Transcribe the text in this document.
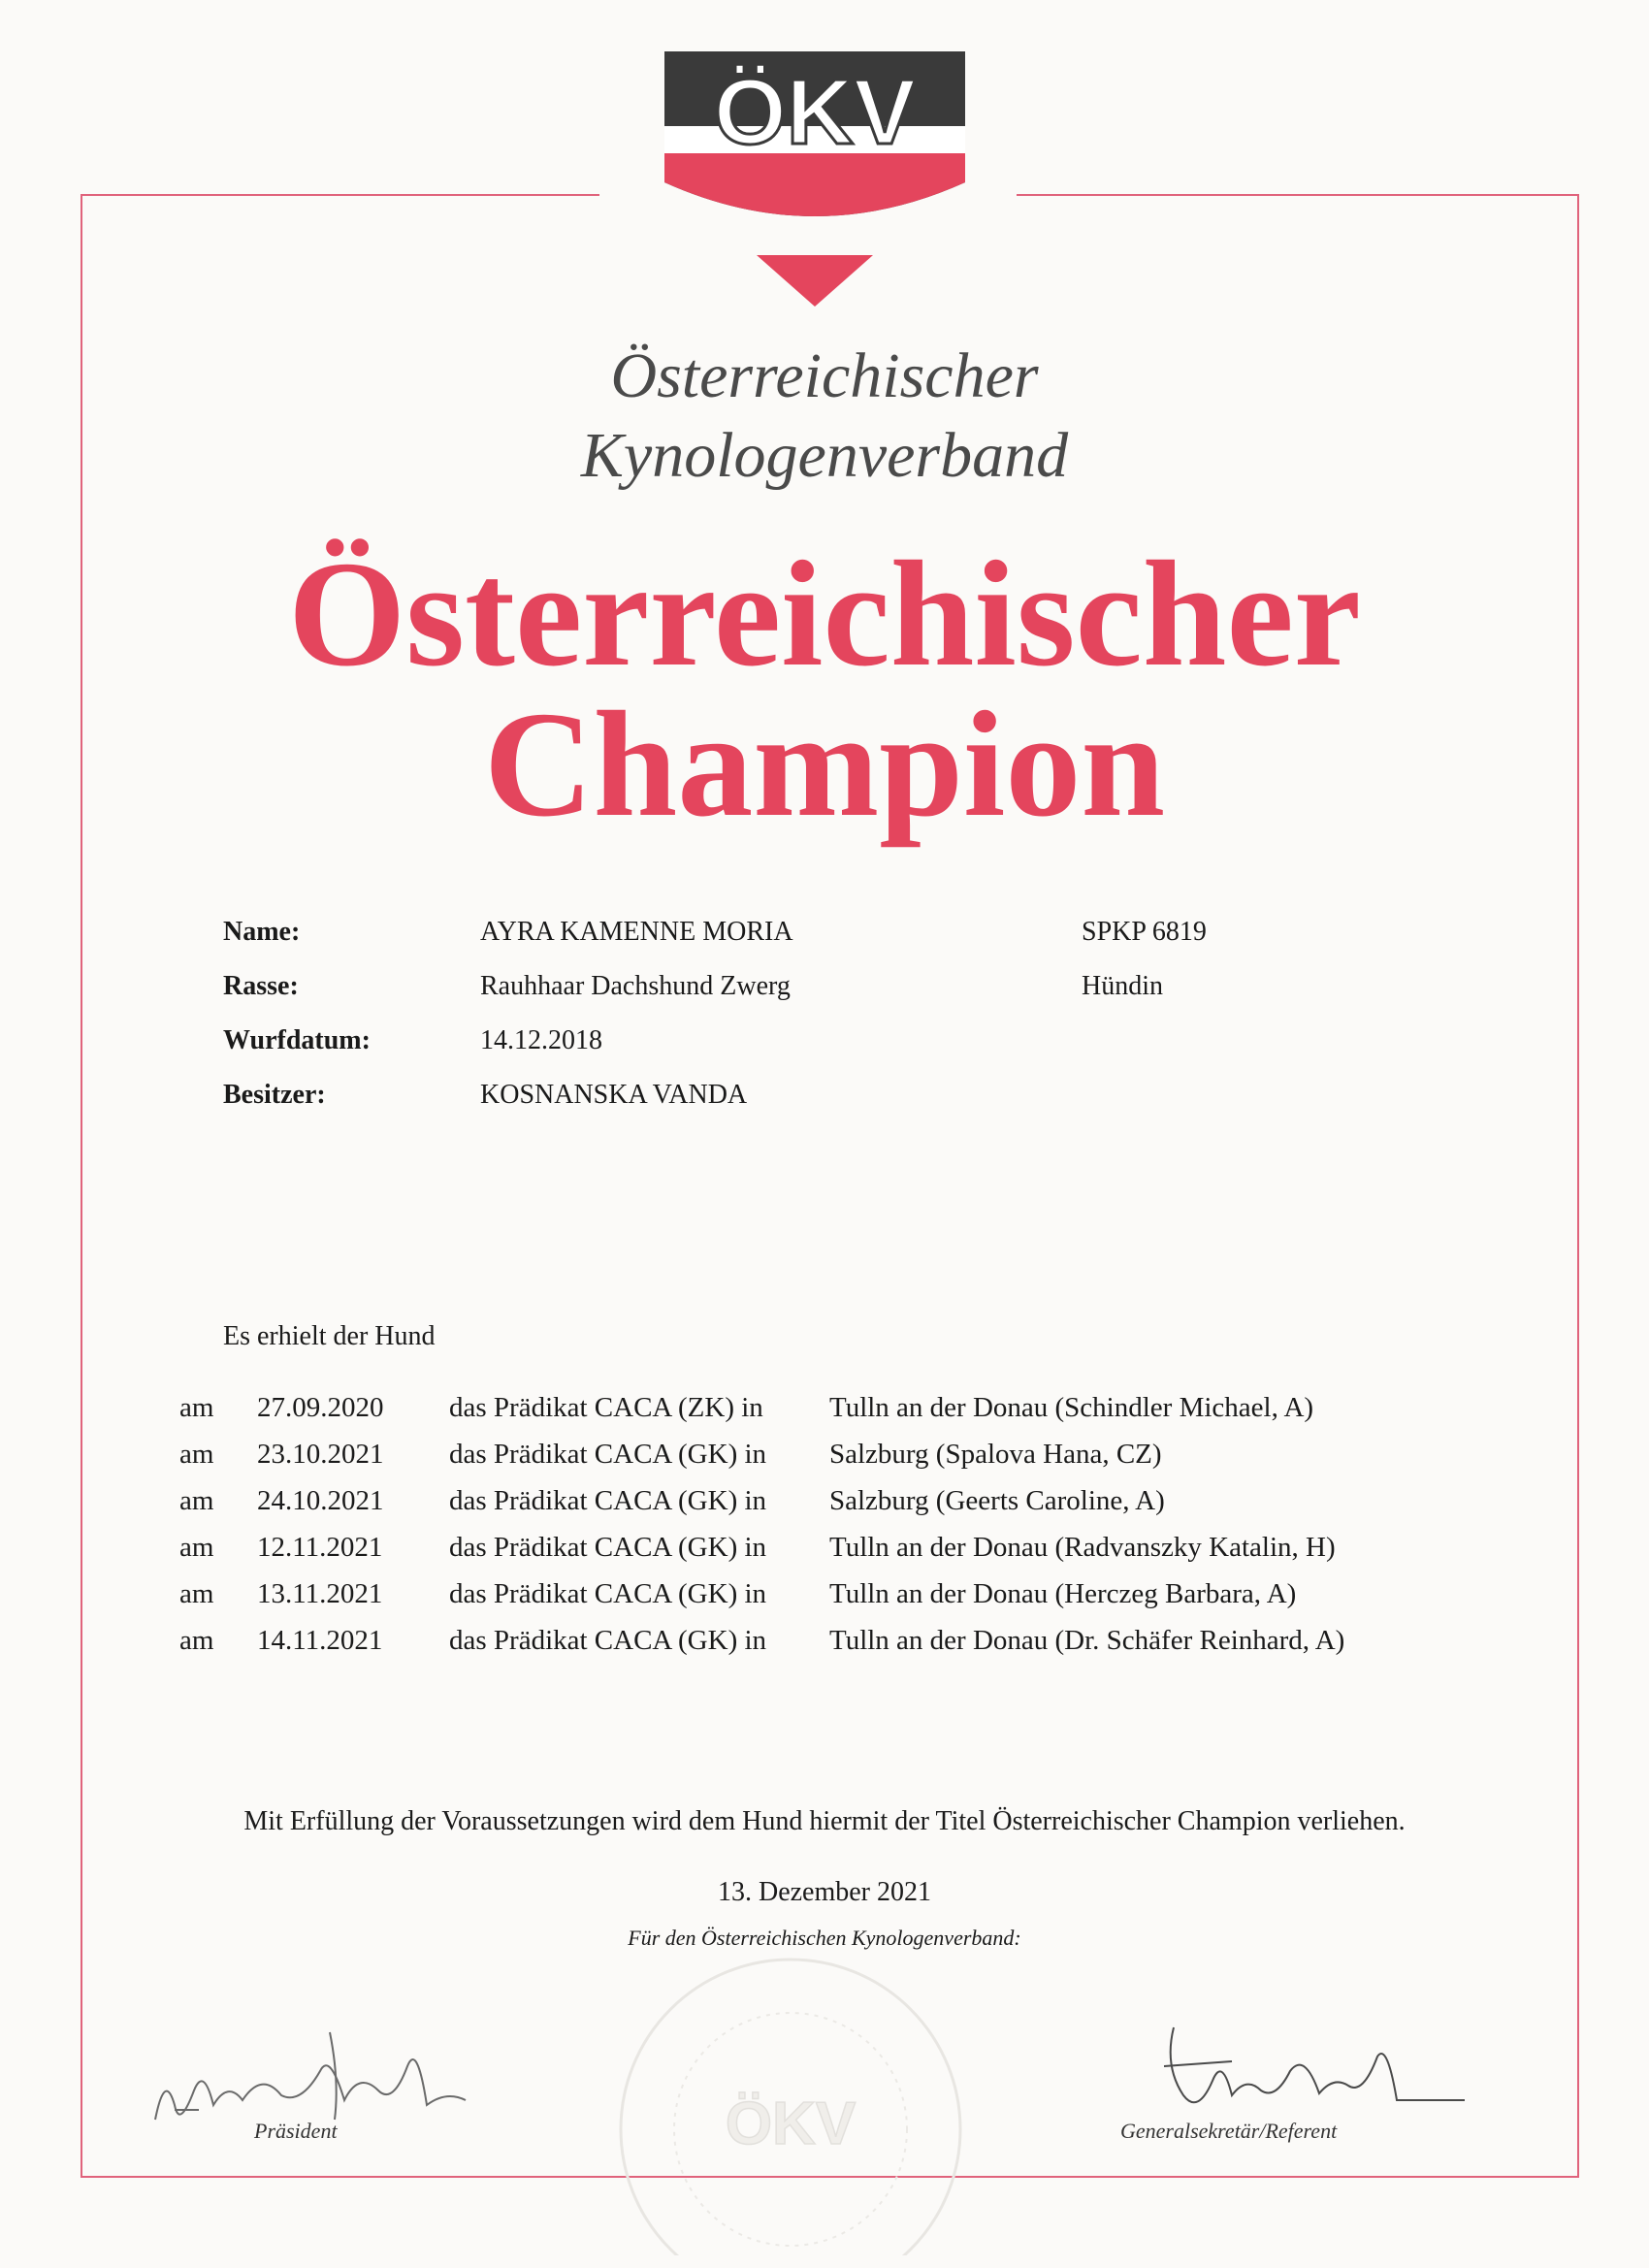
ÖKV
Österreichischer
Kynologenverband
Österreichischer
Champion
Name:	AYRA KAMENNE MORIA	SPKP 6819
Rasse:	Rauhhaar Dachshund Zwerg	Hündin
Wurfdatum:	14.12.2018
Besitzer:	KOSNANSKA VANDA
Es erhielt der Hund
am 27.09.2020 das Prädikat CACA (ZK) in Tulln an der Donau (Schindler Michael, A)
am 23.10.2021 das Prädikat CACA (GK) in Salzburg (Spalova Hana, CZ)
am 24.10.2021 das Prädikat CACA (GK) in Salzburg (Geerts Caroline, A)
am 12.11.2021 das Prädikat CACA (GK) in Tulln an der Donau (Radvanszky Katalin, H)
am 13.11.2021 das Prädikat CACA (GK) in Tulln an der Donau (Herczeg Barbara, A)
am 14.11.2021 das Prädikat CACA (GK) in Tulln an der Donau (Dr. Schäfer Reinhard, A)
Mit Erfüllung der Voraussetzungen wird dem Hund hiermit der Titel Österreichischer Champion verliehen.
13. Dezember 2021
Für den Österreichischen Kynologenverband:
ÖKV
Präsident	Generalsekretär/Referent
